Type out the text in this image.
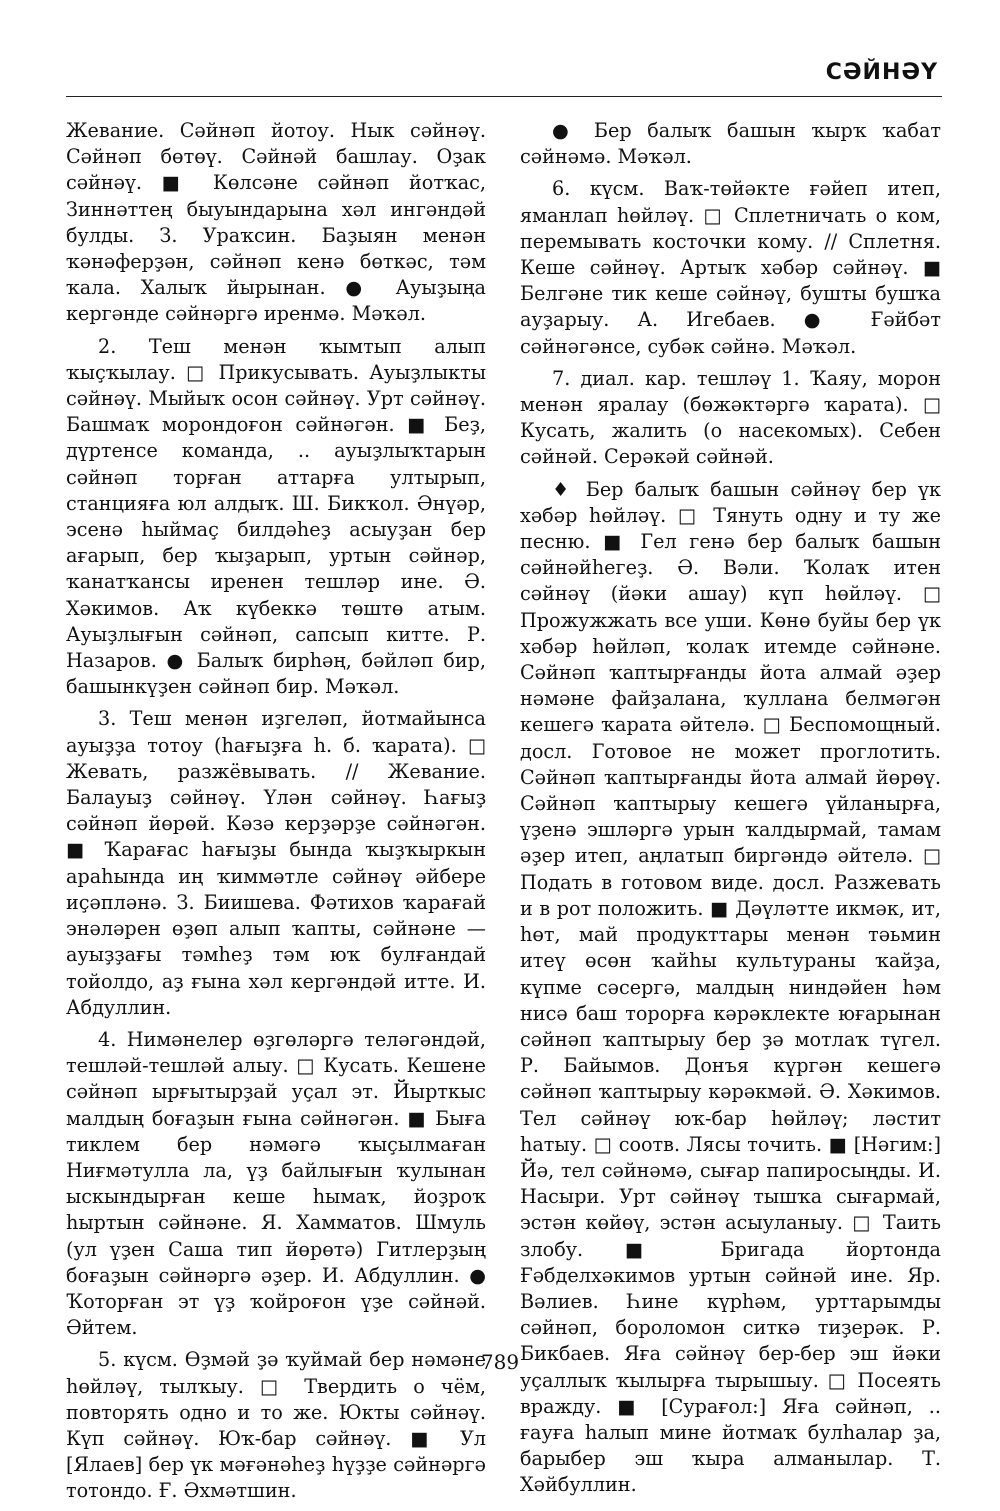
СӘЙНӘҮ

Жевание. Сәйнәп йотоу. Нык сәйнәү. Сәйнәп бөтөү. Сәйнәй башлау. Оҙак сәйнәү. ■ Көлсәне сәйнәп йотҡас, Зиннәттең быуындарына хәл ингәндәй булды. З. Ураҡсин. Баҙыян менән ҡәнәферҙән, сәйнәп кенә бөткәс, тәм ҡала. Халыҡ йырынан. ● Ауыҙыңа кергәнде сәйнәргә иренмә. Мәҡәл.

2. Теш менән ҡымтып алып ҡыҫҡылау. □ Прикусывать. Ауыҙлыкты сәйнәү. Мыйыҡ осон сәйнәү. Урт сәйнәү. Башмаҡ морондоғон сәйнәгән. ■ Беҙ, дүртенсе команда, .. ауыҙлыҡтарын сәйнәп торған аттарға ултырып, станцияға юл алдыҡ. Ш. Бикҡол. Әнүәр, эсенә һыймаҫ билдәһеҙ асыуҙан бер ағарып, бер ҡыҙарып, уртын сәйнәр, ҡанатҡансы иренен тешләр ине. Ә. Хәкимов. Аҡ күбеккә төштө атым. Ауыҙлығын сәйнәп, сапсып китте. Р. Назаров. ● Балыҡ бирһәң, бәйләп бир, башынкүҙен сәйнәп бир. Мәҡәл.

3. Теш менән иҙгеләп, йотмайынса ауыҙҙа тотоу (һағыҙға һ. б. ҡарата). □ Жевать, разжёвывать. // Жевание. Балауыҙ сәйнәү. Үлән сәйнәү. Һағыҙ сәйнәп йөрөй. Кәзә керҙәрҙе сәйнәгән. ■ Ҡарағас һағыҙы бында ҡыҙҡыркын араһында иң ҡиммәтле сәйнәү әйбере иҫәпләнә. З. Биишева. Фәтихов ҡарағай энәләрен өҙөп алып ҡапты, сәйнәне — ауыҙҙағы тәмһеҙ тәм юҡ булғандай тойолдо, аҙ ғына хәл кергәндәй итте. И. Абдуллин.

4. Нимәнелер өҙгөләргә теләгәндәй, тешләй-тешләй алыу. □ Кусать. Кешене сәйнәп ырғытырҙай уҫал эт. Йырткыс малдың боғаҙын ғына сәйнәгән. ■ Быға тиклем бер нәмәгә ҡыҫылмаған Ниғмәтулла ла, үҙ байлығын ҡулынан ыскындырған кеше һымаҡ, йоҙроҡ һыртын сәйнәне. Я. Хамматов. Шмуль (ул үҙен Саша тип йөрөтә) Гитлерҙың боғаҙын сәйнәргә әҙер. И. Абдуллин. ● Ҡоторған эт үҙ ҡойроғон үҙе сәйнәй. Әйтем.

5. күсм. Өҙмәй ҙә ҡуймай бер нәмәне һөйләү, тылҡыу. □ Твердить о чём, повторять одно и то же. Юкты сәйнәү. Күп сәйнәү. Юҡ-бар сәйнәү. ■ Ул [Ялаев] бер үк мәғәнәһеҙ һүҙҙе сәйнәргә тотондо. Ғ. Әхмәтшин.

● Бер балыҡ башын ҡырҡ ҡабат сәйнәмә. Мәҡәл.

6. күсм. Ваҡ-төйәкте ғәйеп итеп, яманлап һөйләү. □ Сплетничать о ком, перемывать косточки кому. // Сплетня. Кеше сәйнәү. Артыҡ хәбәр сәйнәү. ■ Белгәне тик кеше сәйнәү, бушты бушҡа ауҙарыу. А. Игебаев. ● Ғәйбәт сәйнәгәнсе, субәк сәйнә. Мәҡәл.

7. диал. кар. тешләү 1. Ҡаяу, морон менән яралау (бөжәктәргә ҡарата). □ Кусать, жалить (о насекомых). Себен сәйнәй. Серәкәй сәйнәй.

♦ Бер балыҡ башын сәйнәү бер үк хәбәр һөйләү. □ Тянуть одну и ту же песню. ■ Гел генә бер балыҡ башын сәйнәйһегеҙ. Ә. Вәли. Ҡолаҡ итен сәйнәү (йәки ашау) күп һөйләү. □ Прожужжать все уши. Көнө буйы бер үк хәбәр һөйләп, ҡолаҡ итемде сәйнәне. Сәйнәп ҡаптырғанды йота алмай әҙер нәмәне файҙалана, ҡуллана белмәгән кешегә ҡарата әйтелә. □ Беспомощный. досл. Готовое не может проглотить. Сәйнәп ҡаптырғанды йота алмай йөрөү. Сәйнәп ҡаптырыу кешегә үйланырға, үҙенә эшләргә урын ҡалдырмай, тамам әҙер итеп, аңлатып биргәндә әйтелә. □ Подать в готовом виде. досл. Разжевать и в рот положить. ■ Дәүләтте икмәк, ит, һөт, май продукттары менән тәьмин итеү өсөн ҡайһы культураны ҡайҙа, күпме сәсергә, малдың ниндәйен һәм нисә баш торорға кәрәклекте юғарынан сәйнәп ҡаптырыу бер ҙә мотлаҡ түгел. Р. Байымов. Донъя күргән кешегә сәйнәп ҡаптырыу кәрәкмәй. Ә. Хәкимов. Тел сәйнәү юҡ-бар һөйләү; ләстит һатыу. □ соотв. Лясы точить. ■ [Нәгим:] Йә, тел сәйнәмә, сығар папиросыңды. И. Насыри. Урт сәйнәү тышҡа сығармай, эстән көйөү, эстән асыуланыу. □ Таить злобу. ■ Бригада йортонда Ғәбделхәкимов уртын сәйнәй ине. Яр. Вәлиев. Һине күрһәм, урттарымды сәйнәп, бороломон ситкә тиҙерәк. Р. Бикбаев. Яға сәйнәү бер-бер эш йәки уҫаллыҡ ҡылырға тырышыу. □ Посеять вражду. ■ [Сурағол:] Яға сәйнәп, .. ғауға һалып мине йотмаҡ булһалар ҙа, барыбер эш ҡыра алманылар. Т. Хәйбуллин.

789
